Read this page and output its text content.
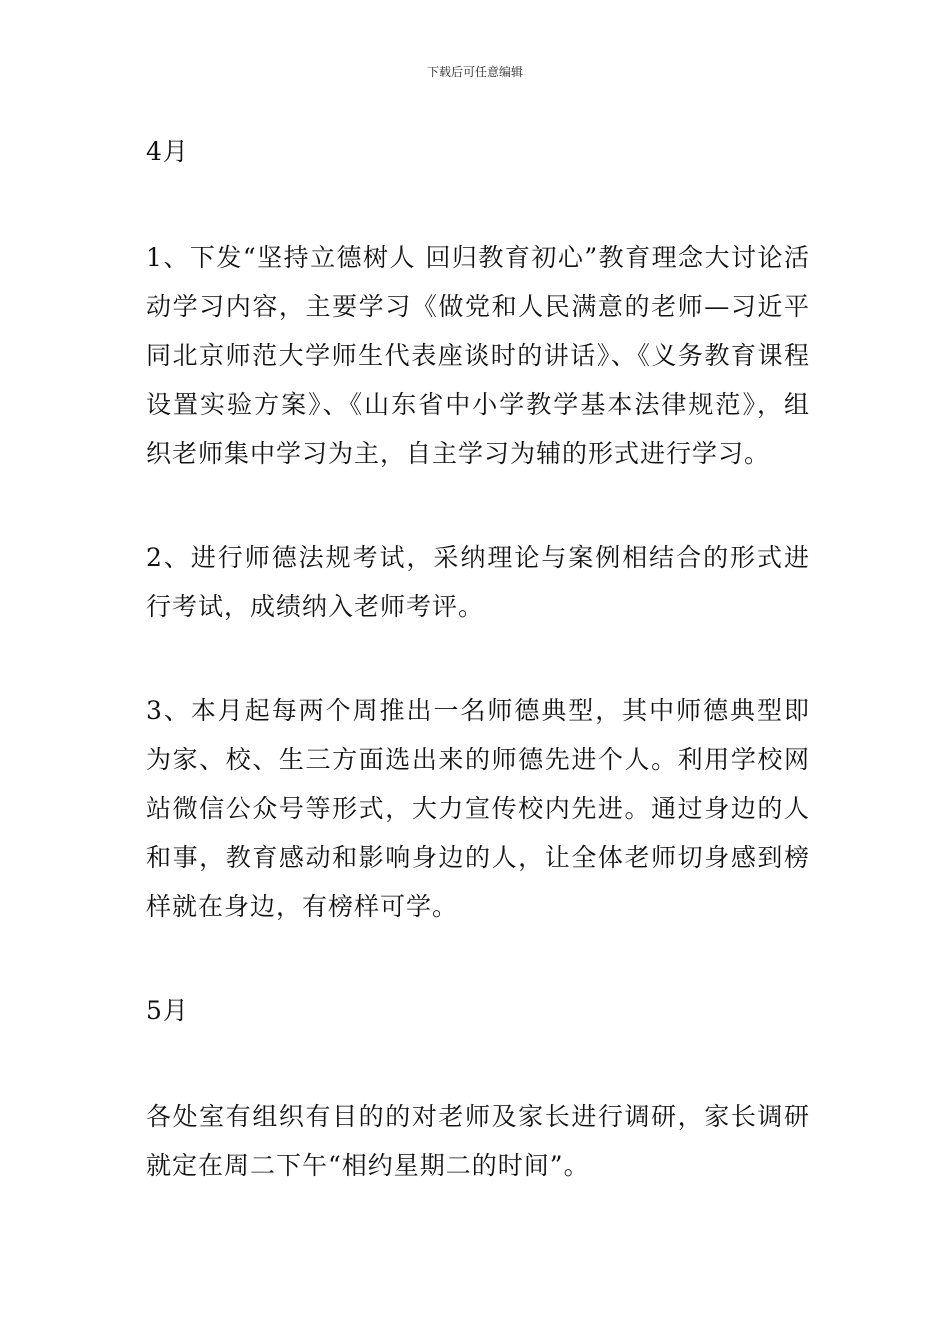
下载后可任意编辑

4月

1、下发“坚持立德树人 回归教育初心”教育理念大讨论活动学习内容，主要学习《做党和人民满意的老师—习近平同北京师范大学师生代表座谈时的讲话》、《义务教育课程设置实验方案》、《山东省中小学教学基本法律规范》，组织老师集中学习为主，自主学习为辅的形式进行学习。

2、进行师德法规考试，采纳理论与案例相结合的形式进行考试，成绩纳入老师考评。

3、本月起每两个周推出一名师德典型，其中师德典型即为家、校、生三方面选出来的师德先进个人。利用学校网站微信公众号等形式，大力宣传校内先进。通过身边的人和事，教育感动和影响身边的人，让全体老师切身感到榜样就在身边，有榜样可学。

5月

各处室有组织有目的的对老师及家长进行调研，家长调研就定在周二下午“相约星期二的时间”。
